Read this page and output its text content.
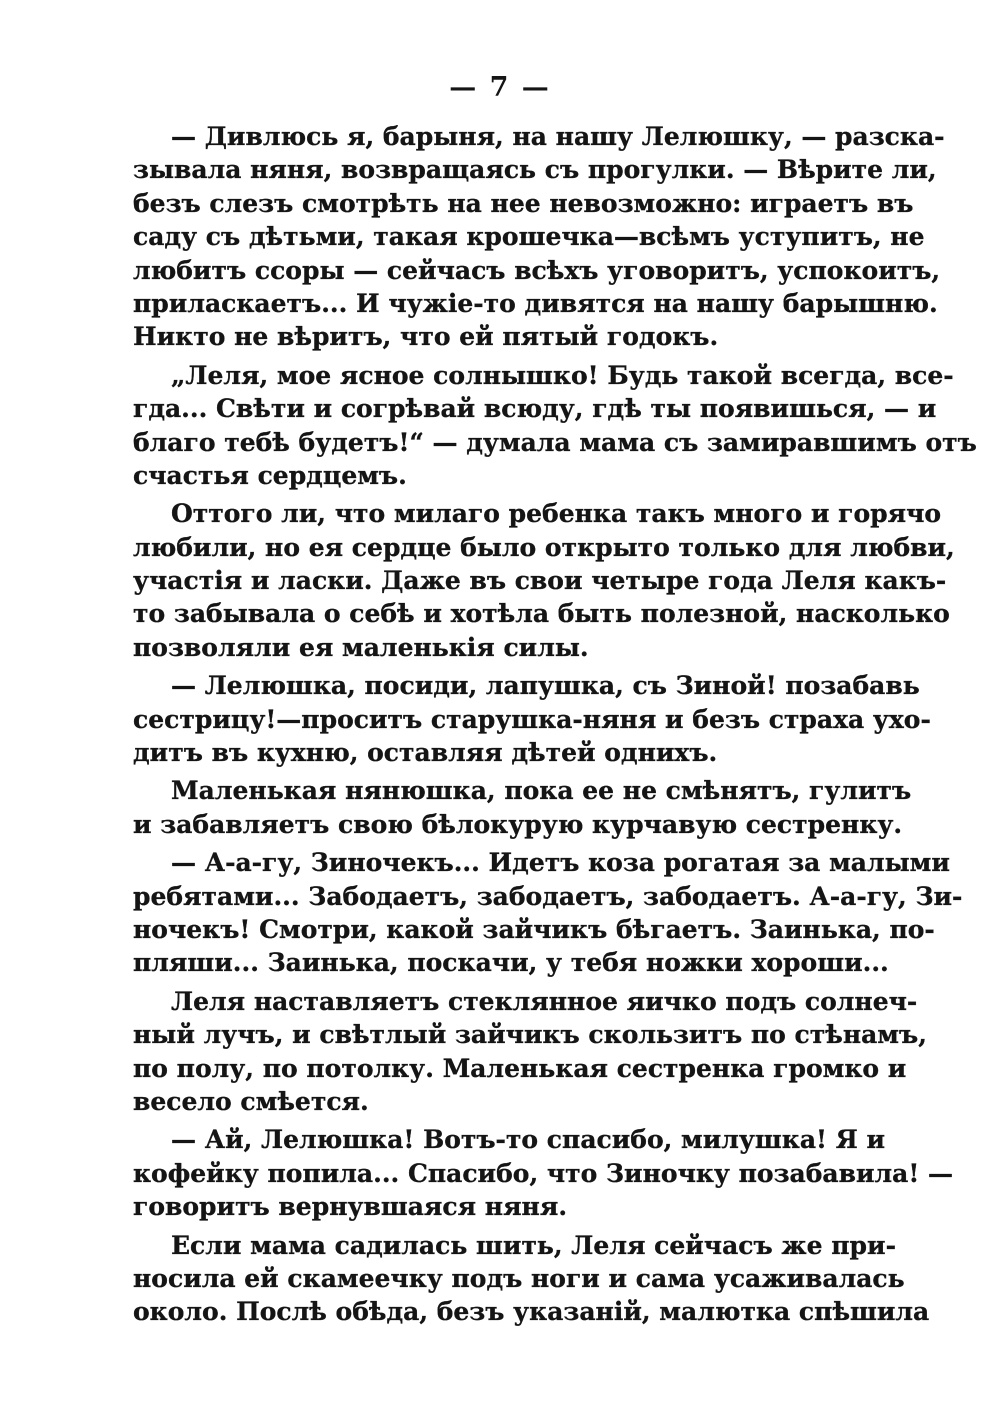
— 7 —
— Дивлюсь я, барыня, на нашу Лелюшку, — разска-
зывала няня, возвращаясь съ прогулки. — Вѣрите ли,
безъ слезъ смотрѣть на нее невозможно: играетъ въ
саду съ дѣтьми, такая крошечка—всѣмъ уступитъ, не
любитъ ссоры — сейчасъ всѣхъ уговоритъ, успокоитъ,
приласкаетъ... И чужіе-то дивятся на нашу барышню.
Никто не вѣритъ, что ей пятый годокъ.
„Леля, мое ясное солнышко! Будь такой всегда, все-
гда... Свѣти и согрѣвай всюду, гдѣ ты появишься, — и
благо тебѣ будетъ!“ — думала мама съ замиравшимъ отъ
счастья сердцемъ.
Оттого ли, что милаго ребенка такъ много и горячо
любили, но ея сердце было открыто только для любви,
участія и ласки. Даже въ свои четыре года Леля какъ-
то забывала о себѣ и хотѣла быть полезной, насколько
позволяли ея маленькія силы.
— Лелюшка, посиди, лапушка, съ Зиной! позабавь
сестрицу!—проситъ старушка-няня и безъ страха ухо-
дитъ въ кухню, оставляя дѣтей однихъ.
Маленькая нянюшка, пока ее не смѣнятъ, гулитъ
и забавляетъ свою бѣлокурую курчавую сестренку.
— А-а-гу, Зиночекъ... Идетъ коза рогатая за малыми
ребятами... Забодаетъ, забодаетъ, забодаетъ. А-а-гу, Зи-
ночекъ! Смотри, какой зайчикъ бѣгаетъ. Заинька, по-
пляши... Заинька, поскачи, у тебя ножки хороши...
Леля наставляетъ стеклянное яичко подъ солнеч-
ный лучъ, и свѣтлый зайчикъ скользитъ по стѣнамъ,
по полу, по потолку. Маленькая сестренка громко и
весело смѣется.
— Ай, Лелюшка! Вотъ-то спасибо, милушка! Я и
кофейку попила... Спасибо, что Зиночку позабавила! —
говоритъ вернувшаяся няня.
Если мама садилась шить, Леля сейчасъ же при-
носила ей скамеечку подъ ноги и сама усаживалась
около. Послѣ обѣда, безъ указаній, малютка спѣшила
